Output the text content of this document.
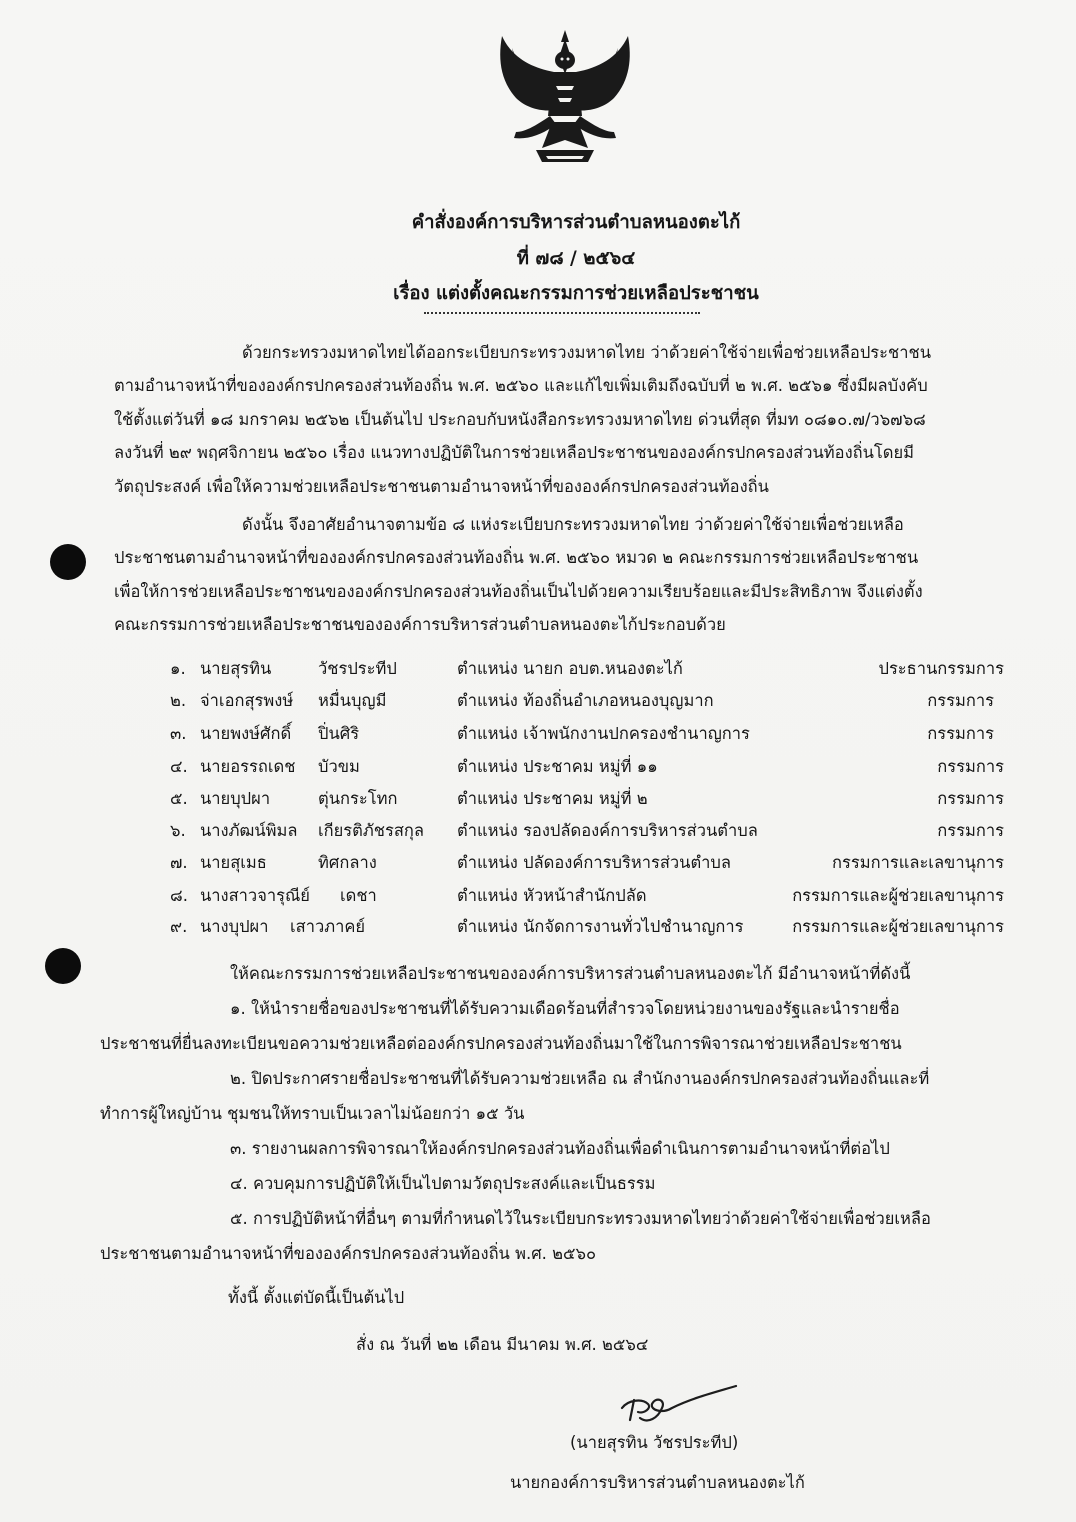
คำสั่งองค์การบริหารส่วนตำบลหนองตะไก้
ที่ ๗๘ / ๒๕๖๔
เรื่อง แต่งตั้งคณะกรรมการช่วยเหลือประชาชน
ด้วยกระทรวงมหาดไทยได้ออกระเบียบกระทรวงมหาดไทย ว่าด้วยค่าใช้จ่ายเพื่อช่วยเหลือประชาชน
ตามอำนาจหน้าที่ขององค์กรปกครองส่วนท้องถิ่น พ.ศ. ๒๕๖๐ และแก้ไขเพิ่มเติมถึงฉบับที่ ๒ พ.ศ. ๒๕๖๑ ซึ่งมีผลบังคับ
ใช้ตั้งแต่วันที่ ๑๘ มกราคม ๒๕๖๒ เป็นต้นไป ประกอบกับหนังสือกระทรวงมหาดไทย ด่วนที่สุด ที่มท ๐๘๑๐.๗/ว๖๗๖๘
ลงวันที่ ๒๙ พฤศจิกายน ๒๕๖๐ เรื่อง แนวทางปฏิบัติในการช่วยเหลือประชาชนขององค์กรปกครองส่วนท้องถิ่นโดยมี
วัตถุประสงค์ เพื่อให้ความช่วยเหลือประชาชนตามอำนาจหน้าที่ขององค์กรปกครองส่วนท้องถิ่น
ดังนั้น จึงอาศัยอำนาจตามข้อ ๘ แห่งระเบียบกระทรวงมหาดไทย ว่าด้วยค่าใช้จ่ายเพื่อช่วยเหลือ
ประชาชนตามอำนาจหน้าที่ขององค์กรปกครองส่วนท้องถิ่น พ.ศ. ๒๕๖๐ หมวด ๒ คณะกรรมการช่วยเหลือประชาชน
เพื่อให้การช่วยเหลือประชาชนขององค์กรปกครองส่วนท้องถิ่นเป็นไปด้วยความเรียบร้อยและมีประสิทธิภาพ จึงแต่งตั้ง
คณะกรรมการช่วยเหลือประชาชนขององค์การบริหารส่วนตำบลหนองตะไก้ประกอบด้วย
๑. นายสุรทิน	วัชรประทีป	ตำแหน่ง นายก อบต.หนองตะไก้	ประธานกรรมการ
๒. จ่าเอกสุรพงษ์ หมื่นบุญมี	ตำแหน่ง ท้องถิ่นอำเภอหนองบุญมาก	กรรมการ
๓. นายพงษ์ศักดิ์ ปิ่นศิริ	ตำแหน่ง เจ้าพนักงานปกครองชำนาญการ	กรรมการ
๔. นายอรรถเดช บัวขม	ตำแหน่ง ประชาคม หมู่ที่ ๑๑	กรรมการ
๕. นายบุปผา	ตุ่นกระโทก	ตำแหน่ง ประชาคม หมู่ที่ ๒	กรรมการ
๖. นางภัฒน์พิมล เกียรติภัชรสกุล ตำแหน่ง รองปลัดองค์การบริหารส่วนตำบล	กรรมการ
๗. นายสุเมธ	ทิศกลาง	ตำแหน่ง ปลัดองค์การบริหารส่วนตำบล	กรรมการและเลขานุการ
๘. นางสาวจารุณีย์ เดชา	ตำแหน่ง หัวหน้าสำนักปลัด	กรรมการและผู้ช่วยเลขานุการ
๙. นางบุปผา เสาวภาคย์	ตำแหน่ง นักจัดการงานทั่วไปชำนาญการ	กรรมการและผู้ช่วยเลขานุการ
ให้คณะกรรมการช่วยเหลือประชาชนขององค์การบริหารส่วนตำบลหนองตะไก้ มีอำนาจหน้าที่ดังนี้
๑. ให้นำรายชื่อของประชาชนที่ได้รับความเดือดร้อนที่สำรวจโดยหน่วยงานของรัฐและนำรายชื่อ
ประชาชนที่ยื่นลงทะเบียนขอความช่วยเหลือต่อองค์กรปกครองส่วนท้องถิ่นมาใช้ในการพิจารณาช่วยเหลือประชาชน
๒. ปิดประกาศรายชื่อประชาชนที่ได้รับความช่วยเหลือ ณ สำนักงานองค์กรปกครองส่วนท้องถิ่นและที่
ทำการผู้ใหญ่บ้าน ชุมชนให้ทราบเป็นเวลาไม่น้อยกว่า ๑๕ วัน
๓. รายงานผลการพิจารณาให้องค์กรปกครองส่วนท้องถิ่นเพื่อดำเนินการตามอำนาจหน้าที่ต่อไป
๔. ควบคุมการปฏิบัติให้เป็นไปตามวัตถุประสงค์และเป็นธรรม
๕. การปฏิบัติหน้าที่อื่นๆ ตามที่กำหนดไว้ในระเบียบกระทรวงมหาดไทยว่าด้วยค่าใช้จ่ายเพื่อช่วยเหลือ
ประชาชนตามอำนาจหน้าที่ขององค์กรปกครองส่วนท้องถิ่น พ.ศ. ๒๕๖๐
ทั้งนี้ ตั้งแต่บัดนี้เป็นต้นไป
สั่ง ณ วันที่ ๒๒ เดือน มีนาคม พ.ศ. ๒๕๖๔
(นายสุรทิน วัชรประทีป)
นายกองค์การบริหารส่วนตำบลหนองตะไก้
